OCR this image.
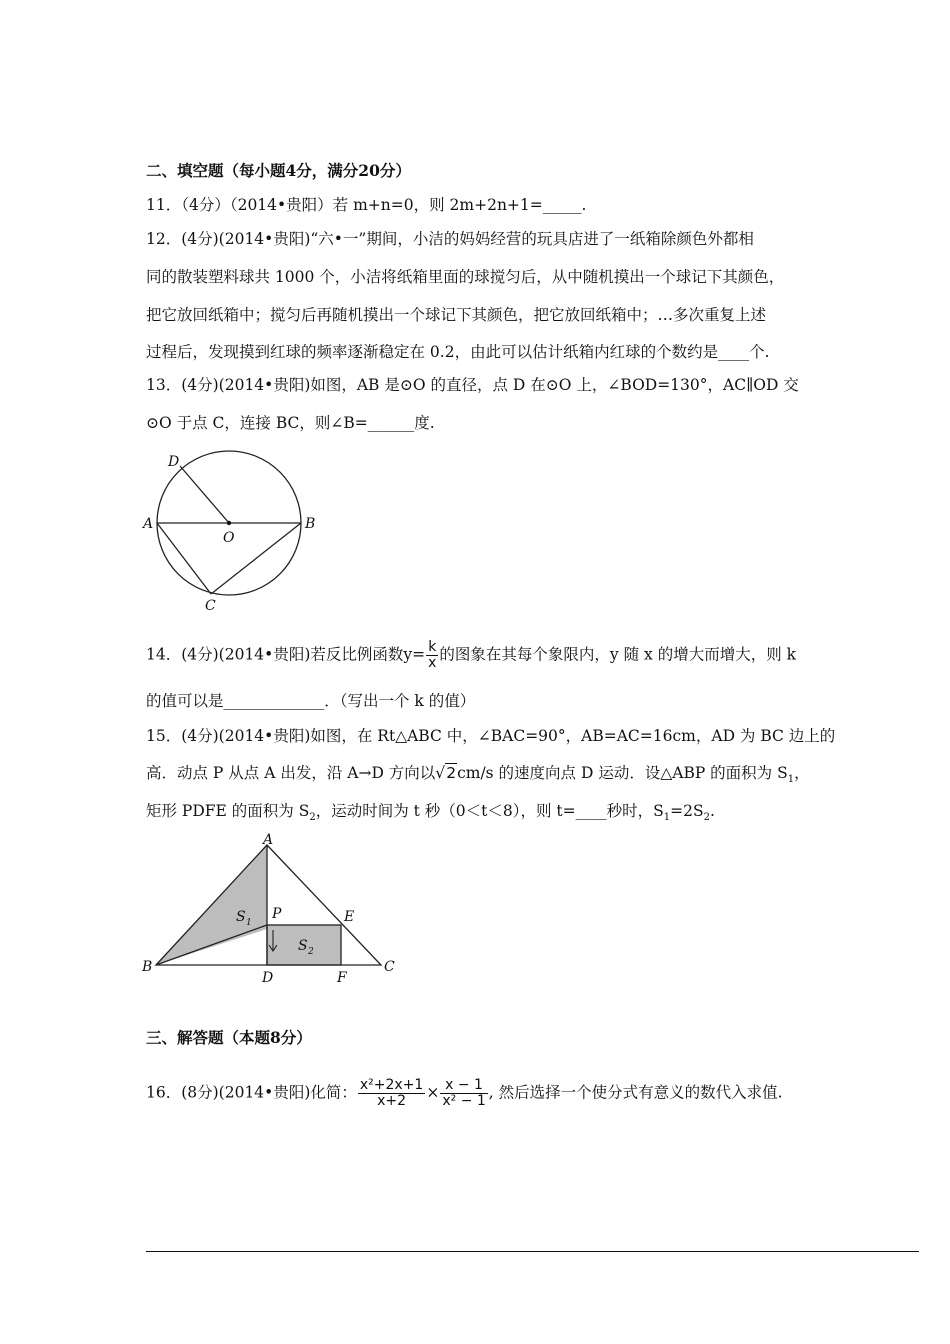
二、填空题（每小题4分，满分20分）
11．（4分）（2014•贵阳）若 m+n=0，则 2m+2n+1=_____.
12．(4分)(2014•贵阳)“六•一”期间，小洁的妈妈经营的玩具店进了一纸箱除颜色外都相
同的散装塑料球共 1000 个，小洁将纸箱里面的球搅匀后，从中随机摸出一个球记下其颜色，
把它放回纸箱中；搅匀后再随机摸出一个球记下其颜色，把它放回纸箱中；…多次重复上述
过程后，发现摸到红球的频率逐渐稳定在 0.2，由此可以估计纸箱内红球的个数约是____个.
13．(4分)(2014•贵阳)如图，AB 是⊙O 的直径，点 D 在⊙O 上，∠BOD=130°，AC∥OD 交
⊙O 于点 C，连接 BC，则∠B=______度.
D
A
O
B
C
14．(4分)(2014•贵阳)若反比例函数$y= \frac{k}{x}$ 的图象在其每个象限内，y 随 x 的增大而增大，则 k
的值可以是_____________．（写出一个 k 的值）
15．(4分)(2014•贵阳)如图，在 Rt△ABC 中，∠BAC=90°，AB=AC=16cm，AD 为 BC 边上的
高．动点 P 从点 A 出发，沿 A→D 方向以√2cm/s 的速度向点 D 运动．设△ABP 的面积为 $S_1$，
矩形 PDFE 的面积为 $S_2$，运动时间为 t 秒（0＜t＜8），则 t=____秒时，$S_1=2S_2$.
A
B	C
D
E
F
P
S 1
S 2
三、解答题（本题8分）
16．(8分)(2014•贵阳)化简： $\frac{\text{x²+2x+1}}{x+2} \times \frac{x - 1}{\text{x² − 1}}$ , 然后选择一个使分式有意义的数代入求值.
